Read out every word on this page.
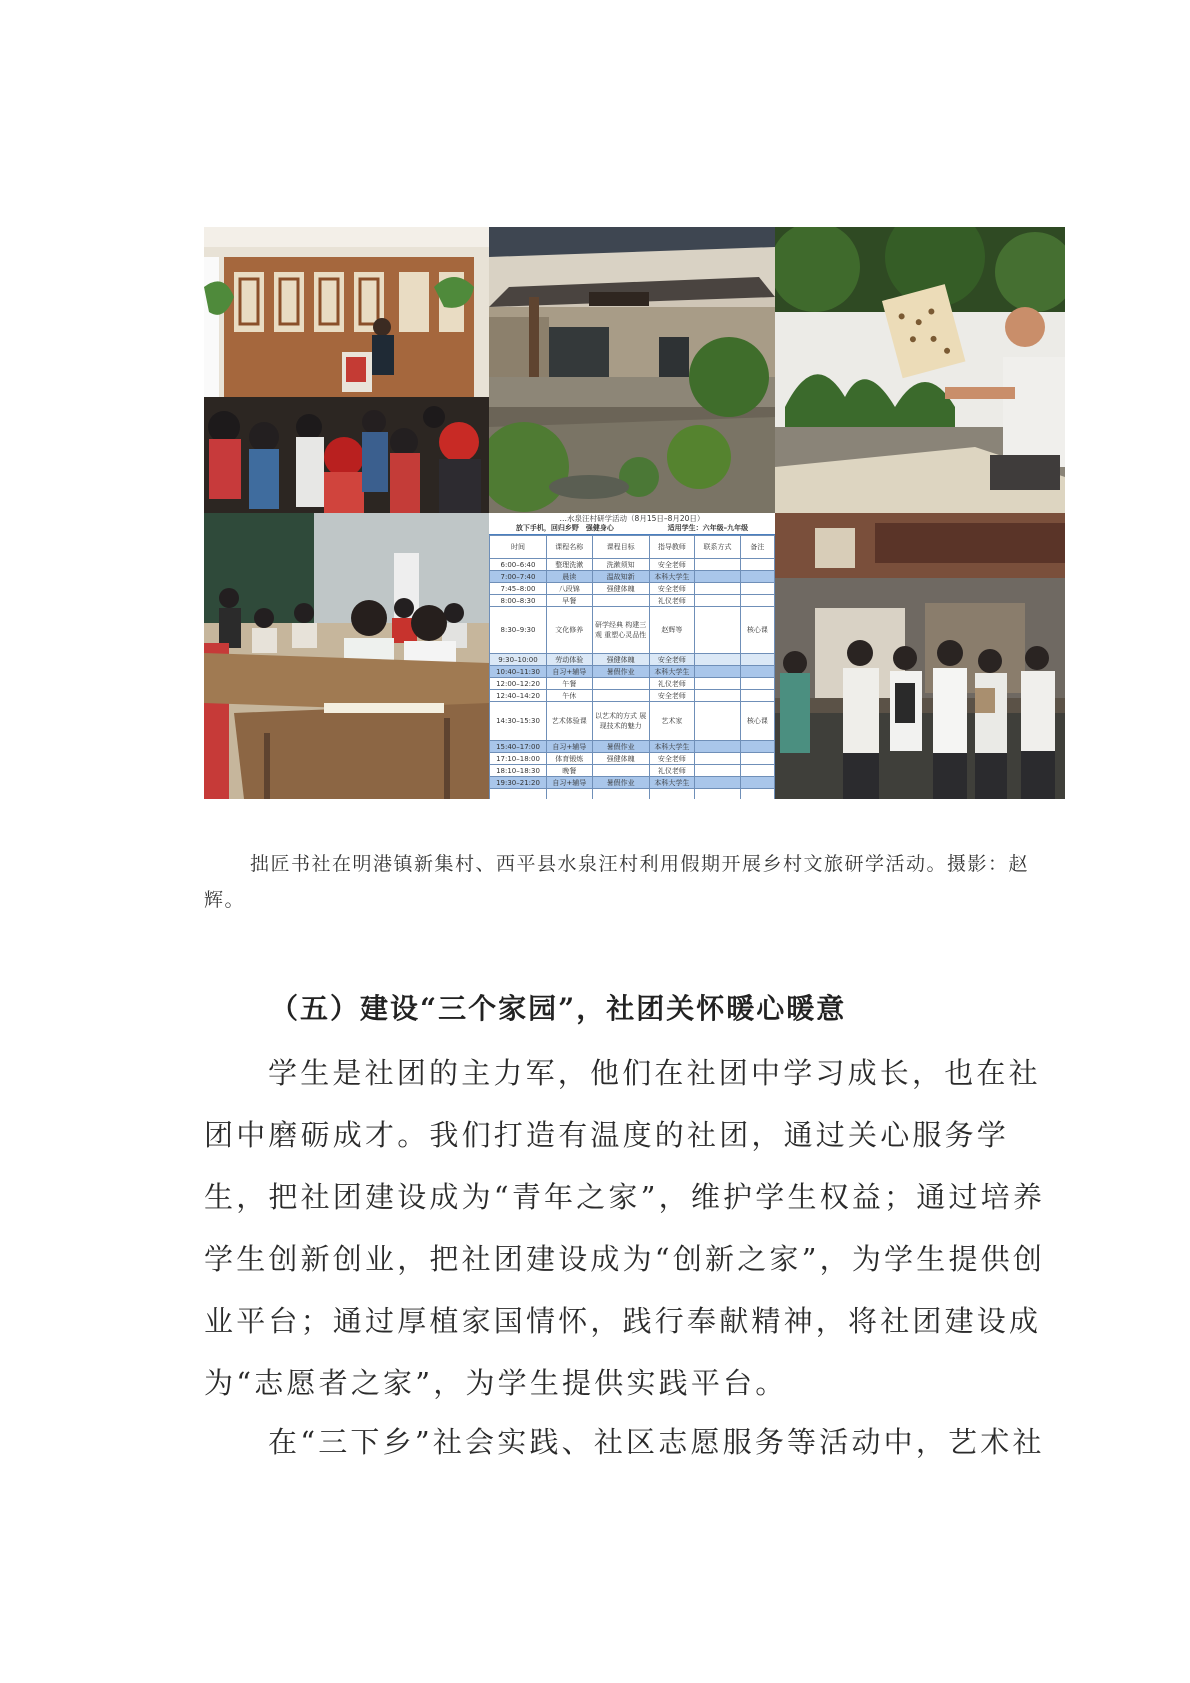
…水泉汪村研学活动（8月15日–8月20日）
放下手机，回归乡野　强健身心	适用学生：六年级–九年级
时间	课程名称	课程目标	指导教师	联系方式	备注
6:00–6:40	整理洗漱	洗漱须知	安全老师		
7:00–7:40	晨读	温故知新	本科大学生		
7:45–8:00	八段锦	强健体魄	安全老师		
8:00–8:30	早餐		礼仪老师		
8:30–9:30	文化修养	研学经典 构建三观 重塑心灵品性	赵辉等		核心课
9:30–10:00	劳动体验	强健体魄	安全老师		
10:40–11:30	自习+辅导	暑假作业	本科大学生		
12:00–12:20	午餐		礼仪老师		
12:40–14:20	午休		安全老师		
14:30–15:30	艺术体验课	以艺术的方式 展现技术的魅力	艺术家		核心课
15:40–17:00	自习+辅导	暑假作业	本科大学生		
17:10–18:00	体育锻炼	强健体魄	安全老师		
18:10–18:30	晚餐		礼仪老师		
19:30–21:20	自习+辅导	暑假作业	本科大学生		

拙匠书社在明港镇新集村、西平县水泉汪村利用假期开展乡村文旅研学活动。摄影：赵辉。
（五）建设“三个家园”，社团关怀暖心暖意

学生是社团的主力军，他们在社团中学习成长，也在社团中磨砺成才。我们打造有温度的社团，通过关心服务学生，把社团建设成为“青年之家”，维护学生权益；通过培养学生创新创业，把社团建设成为“创新之家”，为学生提供创业平台；通过厚植家国情怀，践行奉献精神，将社团建设成为“志愿者之家”，为学生提供实践平台。

在“三下乡”社会实践、社区志愿服务等活动中，艺术社
